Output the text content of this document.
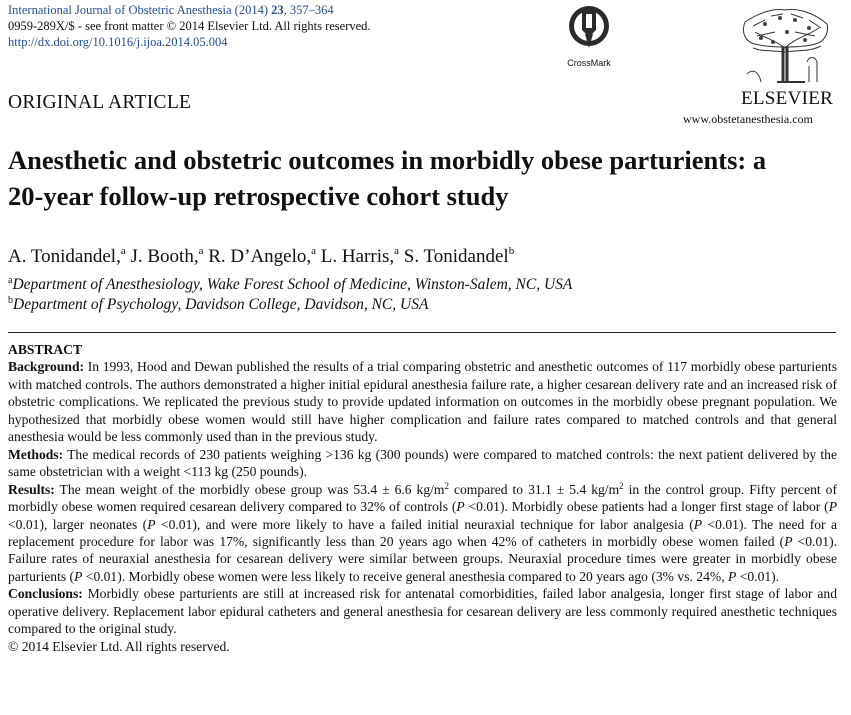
International Journal of Obstetric Anesthesia (2014) 23, 357–364
0959-289X/$ - see front matter © 2014 Elsevier Ltd. All rights reserved.
http://dx.doi.org/10.1016/j.ijoa.2014.05.004
CrossMark
ELSEVIER
www.obstetanesthesia.com
ORIGINAL ARTICLE
Anesthetic and obstetric outcomes in morbidly obese parturients: a 20-year follow-up retrospective cohort study
A. Tonidandel,$^a$ J. Booth,$^a$ R. D’Angelo,$^a$ L. Harris,$^a$ S. Tonidandel$^b$
$^a$Department of Anesthesiology, Wake Forest School of Medicine, Winston-Salem, NC, USA
$^b$Department of Psychology, Davidson College, Davidson, NC, USA

ABSTRACT

Background: In 1993, Hood and Dewan published the results of a trial comparing obstetric and anesthetic outcomes of 117 morbidly obese parturients with matched controls. The authors demonstrated a higher initial epidural anesthesia failure rate, a higher cesarean delivery rate and an increased risk of obstetric complications. We replicated the previous study to provide updated information on outcomes in the morbidly obese pregnant population. We hypothesized that morbidly obese women would still have higher complication and failure rates compared to matched controls and that general anesthesia would be less commonly used than in the previous study.

Methods: The medical records of 230 patients weighing >136 kg (300 pounds) were compared to matched controls: the next patient delivered by the same obstetrician with a weight <113 kg (250 pounds).

Results: The mean weight of the morbidly obese group was 53.4 ± 6.6 $kg/m^2$ compared to 31.1 ± 5.4 $kg/m^2$ in the control group. Fifty percent of morbidly obese women required cesarean delivery compared to 32% of controls (P <0.01). Morbidly obese patients had a longer first stage of labor (P <0.01), larger neonates (P <0.01), and were more likely to have a failed initial neuraxial technique for labor analgesia (P <0.01). The need for a replacement procedure for labor was 17%, significantly less than 20 years ago when 42% of catheters in morbidly obese women failed (P <0.01). Failure rates of neuraxial anesthesia for cesarean delivery were similar between groups. Neuraxial procedure times were greater in morbidly obese parturients (P <0.01). Morbidly obese women were less likely to receive general anesthesia compared to 20 years ago (3% vs. 24%, P <0.01).

Conclusions: Morbidly obese parturients are still at increased risk for antenatal comorbidities, failed labor analgesia, longer first stage of labor and operative delivery. Replacement labor epidural catheters and general anesthesia for cesarean delivery are less commonly required anesthetic techniques compared to the original study.

© 2014 Elsevier Ltd. All rights reserved.
